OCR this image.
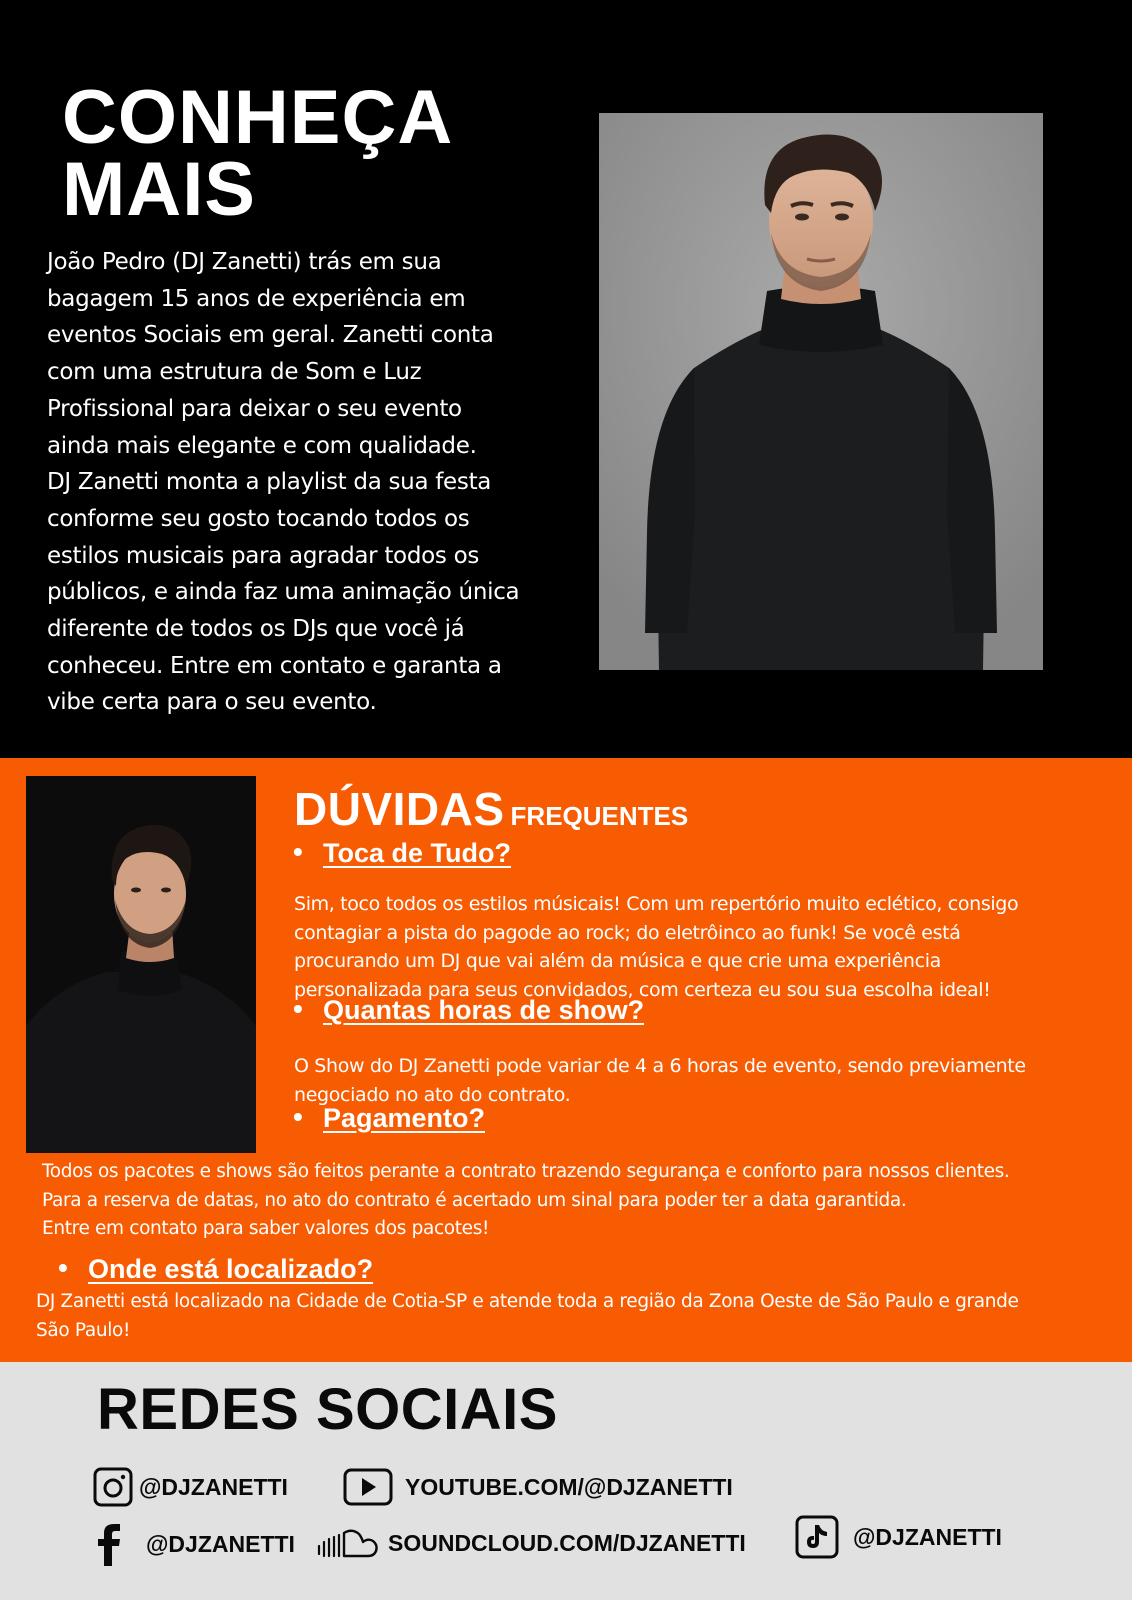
CONHEÇA
MAIS
João Pedro (DJ Zanetti) trás em sua
bagagem 15 anos de experiência em
eventos Sociais em geral. Zanetti conta
com uma estrutura de Som e Luz
Profissional para deixar o seu evento
ainda mais elegante e com qualidade.
DJ Zanetti monta a playlist da sua festa
conforme seu gosto tocando todos os
estilos musicais para agradar todos os
públicos, e ainda faz uma animação única
diferente de todos os DJs que você já
conheceu. Entre em contato e garanta a
vibe certa para o seu evento.
DÚVIDAS FREQUENTES
• Toca de Tudo?
Sim, toco todos os estilos músicais! Com um repertório muito eclético, consigo
contagiar a pista do pagode ao rock; do eletrôinco ao funk! Se você está
procurando um DJ que vai além da música e que crie uma experiência
personalizada para seus convidados, com certeza eu sou sua escolha ideal!
• Quantas horas de show?
O Show do DJ Zanetti pode variar de 4 a 6 horas de evento, sendo previamente
negociado no ato do contrato.
• Pagamento?
Todos os pacotes e shows são feitos perante a contrato trazendo segurança e conforto para nossos clientes.
Para a reserva de datas, no ato do contrato é acertado um sinal para poder ter a data garantida.
Entre em contato para saber valores dos pacotes!
• Onde está localizado?
DJ Zanetti está localizado na Cidade de Cotia-SP e atende toda a região da Zona Oeste de São Paulo e grande
São Paulo!
REDES SOCIAIS
@DJZANETTI	YOUTUBE.COM/@DJZANETTI
@DJZANETTI	SOUNDCLOUD.COM/DJZANETTI	@DJZANETTI
